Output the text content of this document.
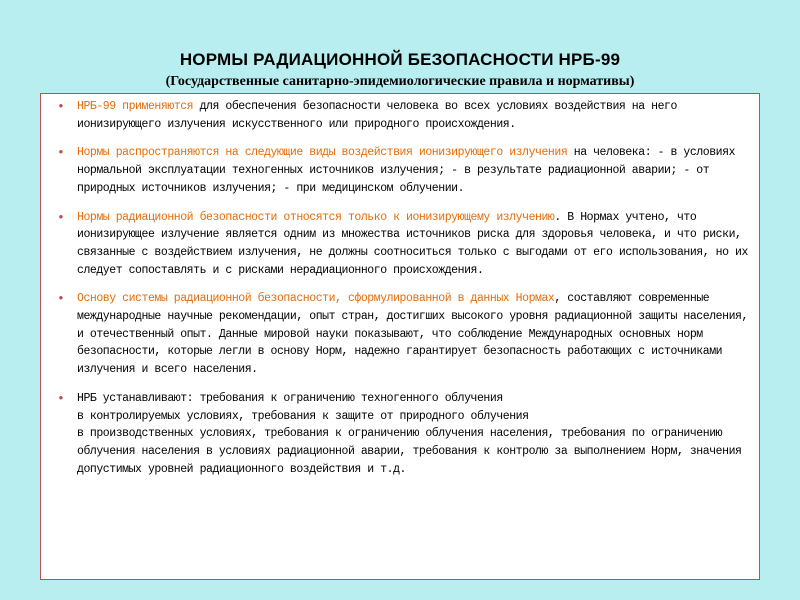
НОРМЫ РАДИАЦИОННОЙ БЕЗОПАСНОСТИ НРБ-99
(Государственные санитарно-эпидемиологические правила и нормативы)
• НРБ-99 применяются для обеспечения безопасности человека во всех условиях воздействия на него ионизирующего излучения искусственного или природного происхождения.
• Нормы распространяются на следующие виды воздействия ионизирующего излучения на человека: - в условиях нормальной эксплуатации техногенных источников излучения; - в результате радиационной аварии; - от природных источников излучения; - при медицинском облучении.
• Нормы радиационной безопасности относятся только к ионизирующему излучению. В Нормах учтено, что ионизирующее излучение является одним из множества источников риска для здоровья человека, и что риски, связанные с воздействием излучения, не должны соотноситься только с выгодами от его использования, но их следует сопоставлять и с рисками нерадиационного происхождения.
• Основу системы радиационной безопасности, сформулированной в данных Нормах, составляют современные международные научные рекомендации, опыт стран, достигших высокого уровня радиационной защиты населения, и отечественный опыт. Данные мировой науки показывают, что соблюдение Международных основных норм безопасности, которые легли в основу Норм, надежно гарантирует безопасность работающих с источниками излучения и всего населения.
• НРБ устанавливают: требования к ограничению техногенного облучения
в контролируемых условиях, требования к защите от природного облучения
в производственных условиях, требования к ограничению облучения населения, требования по ограничению облучения населения в условиях радиационной аварии, требования к контролю за выполнением Норм, значения допустимых уровней радиационного воздействия и т.д.
